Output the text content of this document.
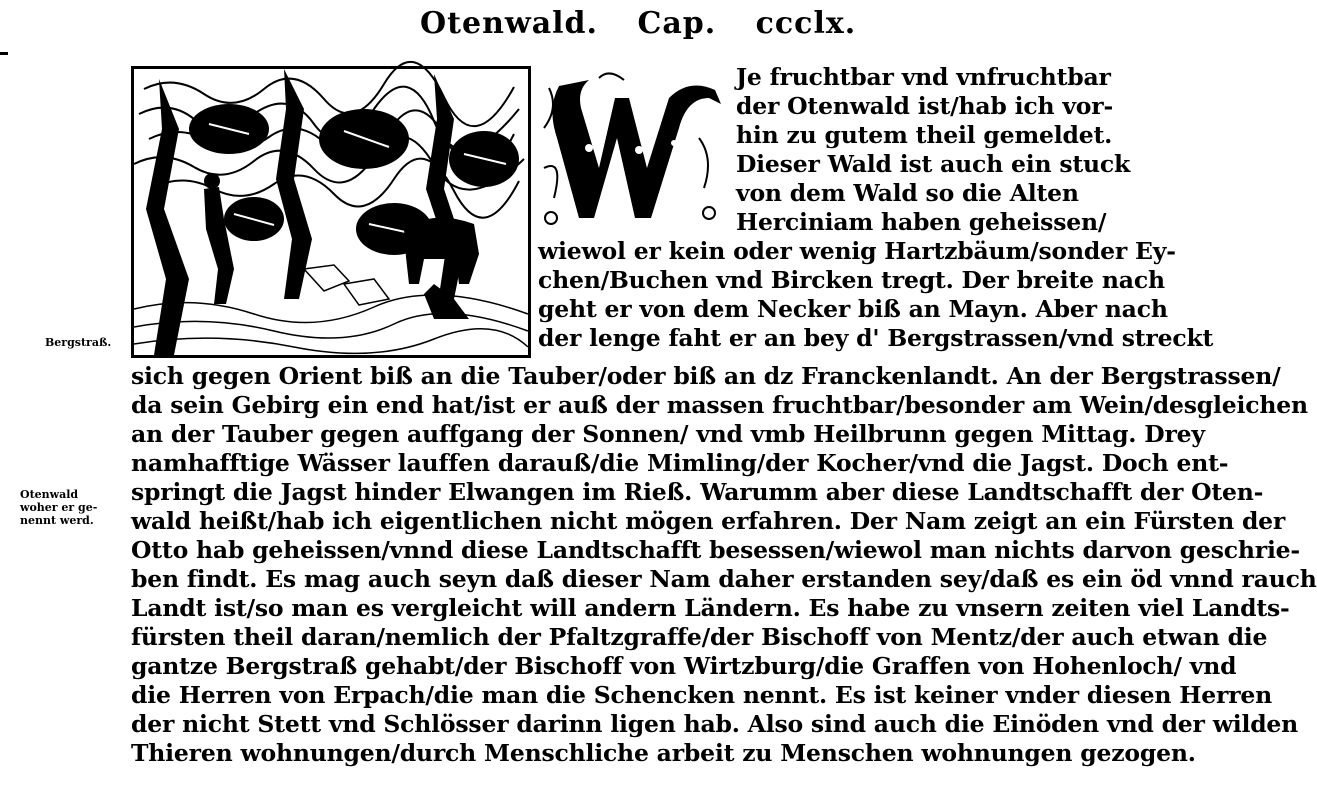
Otenwald. Cap. ccclx.
Bergstraß.
Otenwald
woher er ge-
nennt werd.
Je fruchtbar vnd vnfruchtbar
der Otenwald ist/hab ich vor-
hin zu gutem theil gemeldet.
Dieser Wald ist auch ein stuck
von dem Wald so die Alten
Herciniam haben geheissen/
wiewol er kein oder wenig Hartzbäum/sonder Ey-
chen/Buchen vnd Bircken tregt. Der breite nach
geht er von dem Necker biß an Mayn. Aber nach
der lenge faht er an bey d' Bergstrassen/vnd streckt
sich gegen Orient biß an die Tauber/oder biß an dz Franckenlandt. An der Bergstrassen/
da sein Gebirg ein end hat/ist er auß der massen fruchtbar/besonder am Wein/desgleichen
an der Tauber gegen auffgang der Sonnen/ vnd vmb Heilbrunn gegen Mittag. Drey
namhafftige Wässer lauffen darauß/die Mimling/der Kocher/vnd die Jagst. Doch ent-
springt die Jagst hinder Elwangen im Rieß. Warumm aber diese Landtschafft der Oten-
wald heißt/hab ich eigentlichen nicht mögen erfahren. Der Nam zeigt an ein Fürsten der
Otto hab geheissen/vnnd diese Landtschafft besessen/wiewol man nichts darvon geschrie-
ben findt. Es mag auch seyn daß dieser Nam daher erstanden sey/daß es ein öd vnnd rauch
Landt ist/so man es vergleicht will andern Ländern. Es habe zu vnsern zeiten viel Landts-
fürsten theil daran/nemlich der Pfaltzgraffe/der Bischoff von Mentz/der auch etwan die
gantze Bergstraß gehabt/der Bischoff von Wirtzburg/die Graffen von Hohenloch/ vnd
die Herren von Erpach/die man die Schencken nennt. Es ist keiner vnder diesen Herren
der nicht Stett vnd Schlösser darinn ligen hab. Also sind auch die Einöden vnd der wilden
Thieren wohnungen/durch Menschliche arbeit zu Menschen wohnungen gezogen.
